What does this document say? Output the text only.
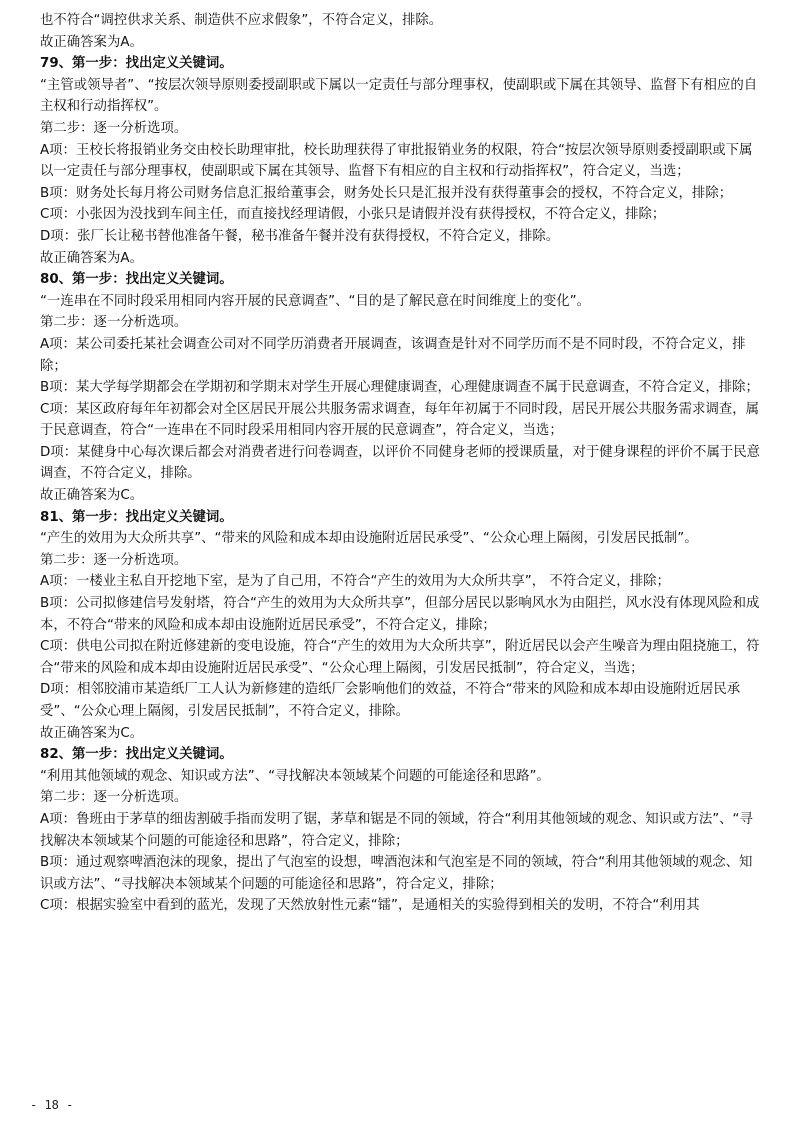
也不符合“调控供求关系、制造供不应求假象”，不符合定义，排除。

故正确答案为A。

79、第一步：找出定义关键词。

“主管或领导者”、“按层次领导原则委授副职或下属以一定责任与部分理事权，使副职或下属在其领导、监督下有相应的自主权和行动指挥权”。

第二步：逐一分析选项。

A项：王校长将报销业务交由校长助理审批，校长助理获得了审批报销业务的权限，符合“按层次领导原则委授副职或下属以一定责任与部分理事权，使副职或下属在其领导、监督下有相应的自主权和行动指挥权”，符合定义，当选；

B项：财务处长每月将公司财务信息汇报给董事会，财务处长只是汇报并没有获得董事会的授权，不符合定义，排除；

C项：小张因为没找到车间主任，而直接找经理请假，小张只是请假并没有获得授权，不符合定义，排除；

D项：张厂长让秘书替他准备午餐，秘书准备午餐并没有获得授权，不符合定义，排除。

故正确答案为A。

80、第一步：找出定义关键词。

“一连串在不同时段采用相同内容开展的民意调查”、“目的是了解民意在时间维度上的变化”。

第二步：逐一分析选项。

A项：某公司委托某社会调查公司对不同学历消费者开展调查，该调查是针对不同学历而不是不同时段，不符合定义，排除；

B项：某大学每学期都会在学期初和学期末对学生开展心理健康调查，心理健康调查不属于民意调查，不符合定义，排除；

C项：某区政府每年年初都会对全区居民开展公共服务需求调查，每年年初属于不同时段，居民开展公共服务需求调查，属于民意调查，符合“一连串在不同时段采用相同内容开展的民意调查”，符合定义，当选；

D项：某健身中心每次课后都会对消费者进行问卷调查，以评价不同健身老师的授课质量，对于健身课程的评价不属于民意调查，不符合定义，排除。

故正确答案为C。

81、第一步：找出定义关键词。

“产生的效用为大众所共享”、“带来的风险和成本却由设施附近居民承受”、“公众心理上隔阂，引发居民抵制”。

第二步：逐一分析选项。

A项：一楼业主私自开挖地下室，是为了自己用，不符合“产生的效用为大众所共享”， 不符合定义，排除；

B项：公司拟修建信号发射塔，符合“产生的效用为大众所共享”，但部分居民以影响风水为由阻拦，风水没有体现风险和成本，不符合“带来的风险和成本却由设施附近居民承受”，不符合定义，排除；

C项：供电公司拟在附近修建新的变电设施，符合“产生的效用为大众所共享”，附近居民以会产生噪音为理由阻挠施工，符合“带来的风险和成本却由设施附近居民承受”、“公众心理上隔阂，引发居民抵制”，符合定义，当选；

D项：相邻胶浦市某造纸厂工人认为新修建的造纸厂会影响他们的效益，不符合“带来的风险和成本却由设施附近居民承受”、“公众心理上隔阂，引发居民抵制”，不符合定义，排除。

故正确答案为C。

82、第一步：找出定义关键词。

“利用其他领域的观念、知识或方法”、“寻找解决本领域某个问题的可能途径和思路”。

第二步：逐一分析选项。

A项：鲁班由于茅草的细齿割破手指而发明了锯，茅草和锯是不同的领域，符合“利用其他领域的观念、知识或方法”、“寻找解决本领域某个问题的可能途径和思路”，符合定义，排除；

B项：通过观察啤酒泡沫的现象，提出了气泡室的设想，啤酒泡沫和气泡室是不同的领域，符合“利用其他领域的观念、知识或方法”、“寻找解决本领域某个问题的可能途径和思路”，符合定义，排除；

C项：根据实验室中看到的蓝光，发现了天然放射性元素“镭”，是通相关的实验得到相关的发明，不符合“利用其

- 18 -
